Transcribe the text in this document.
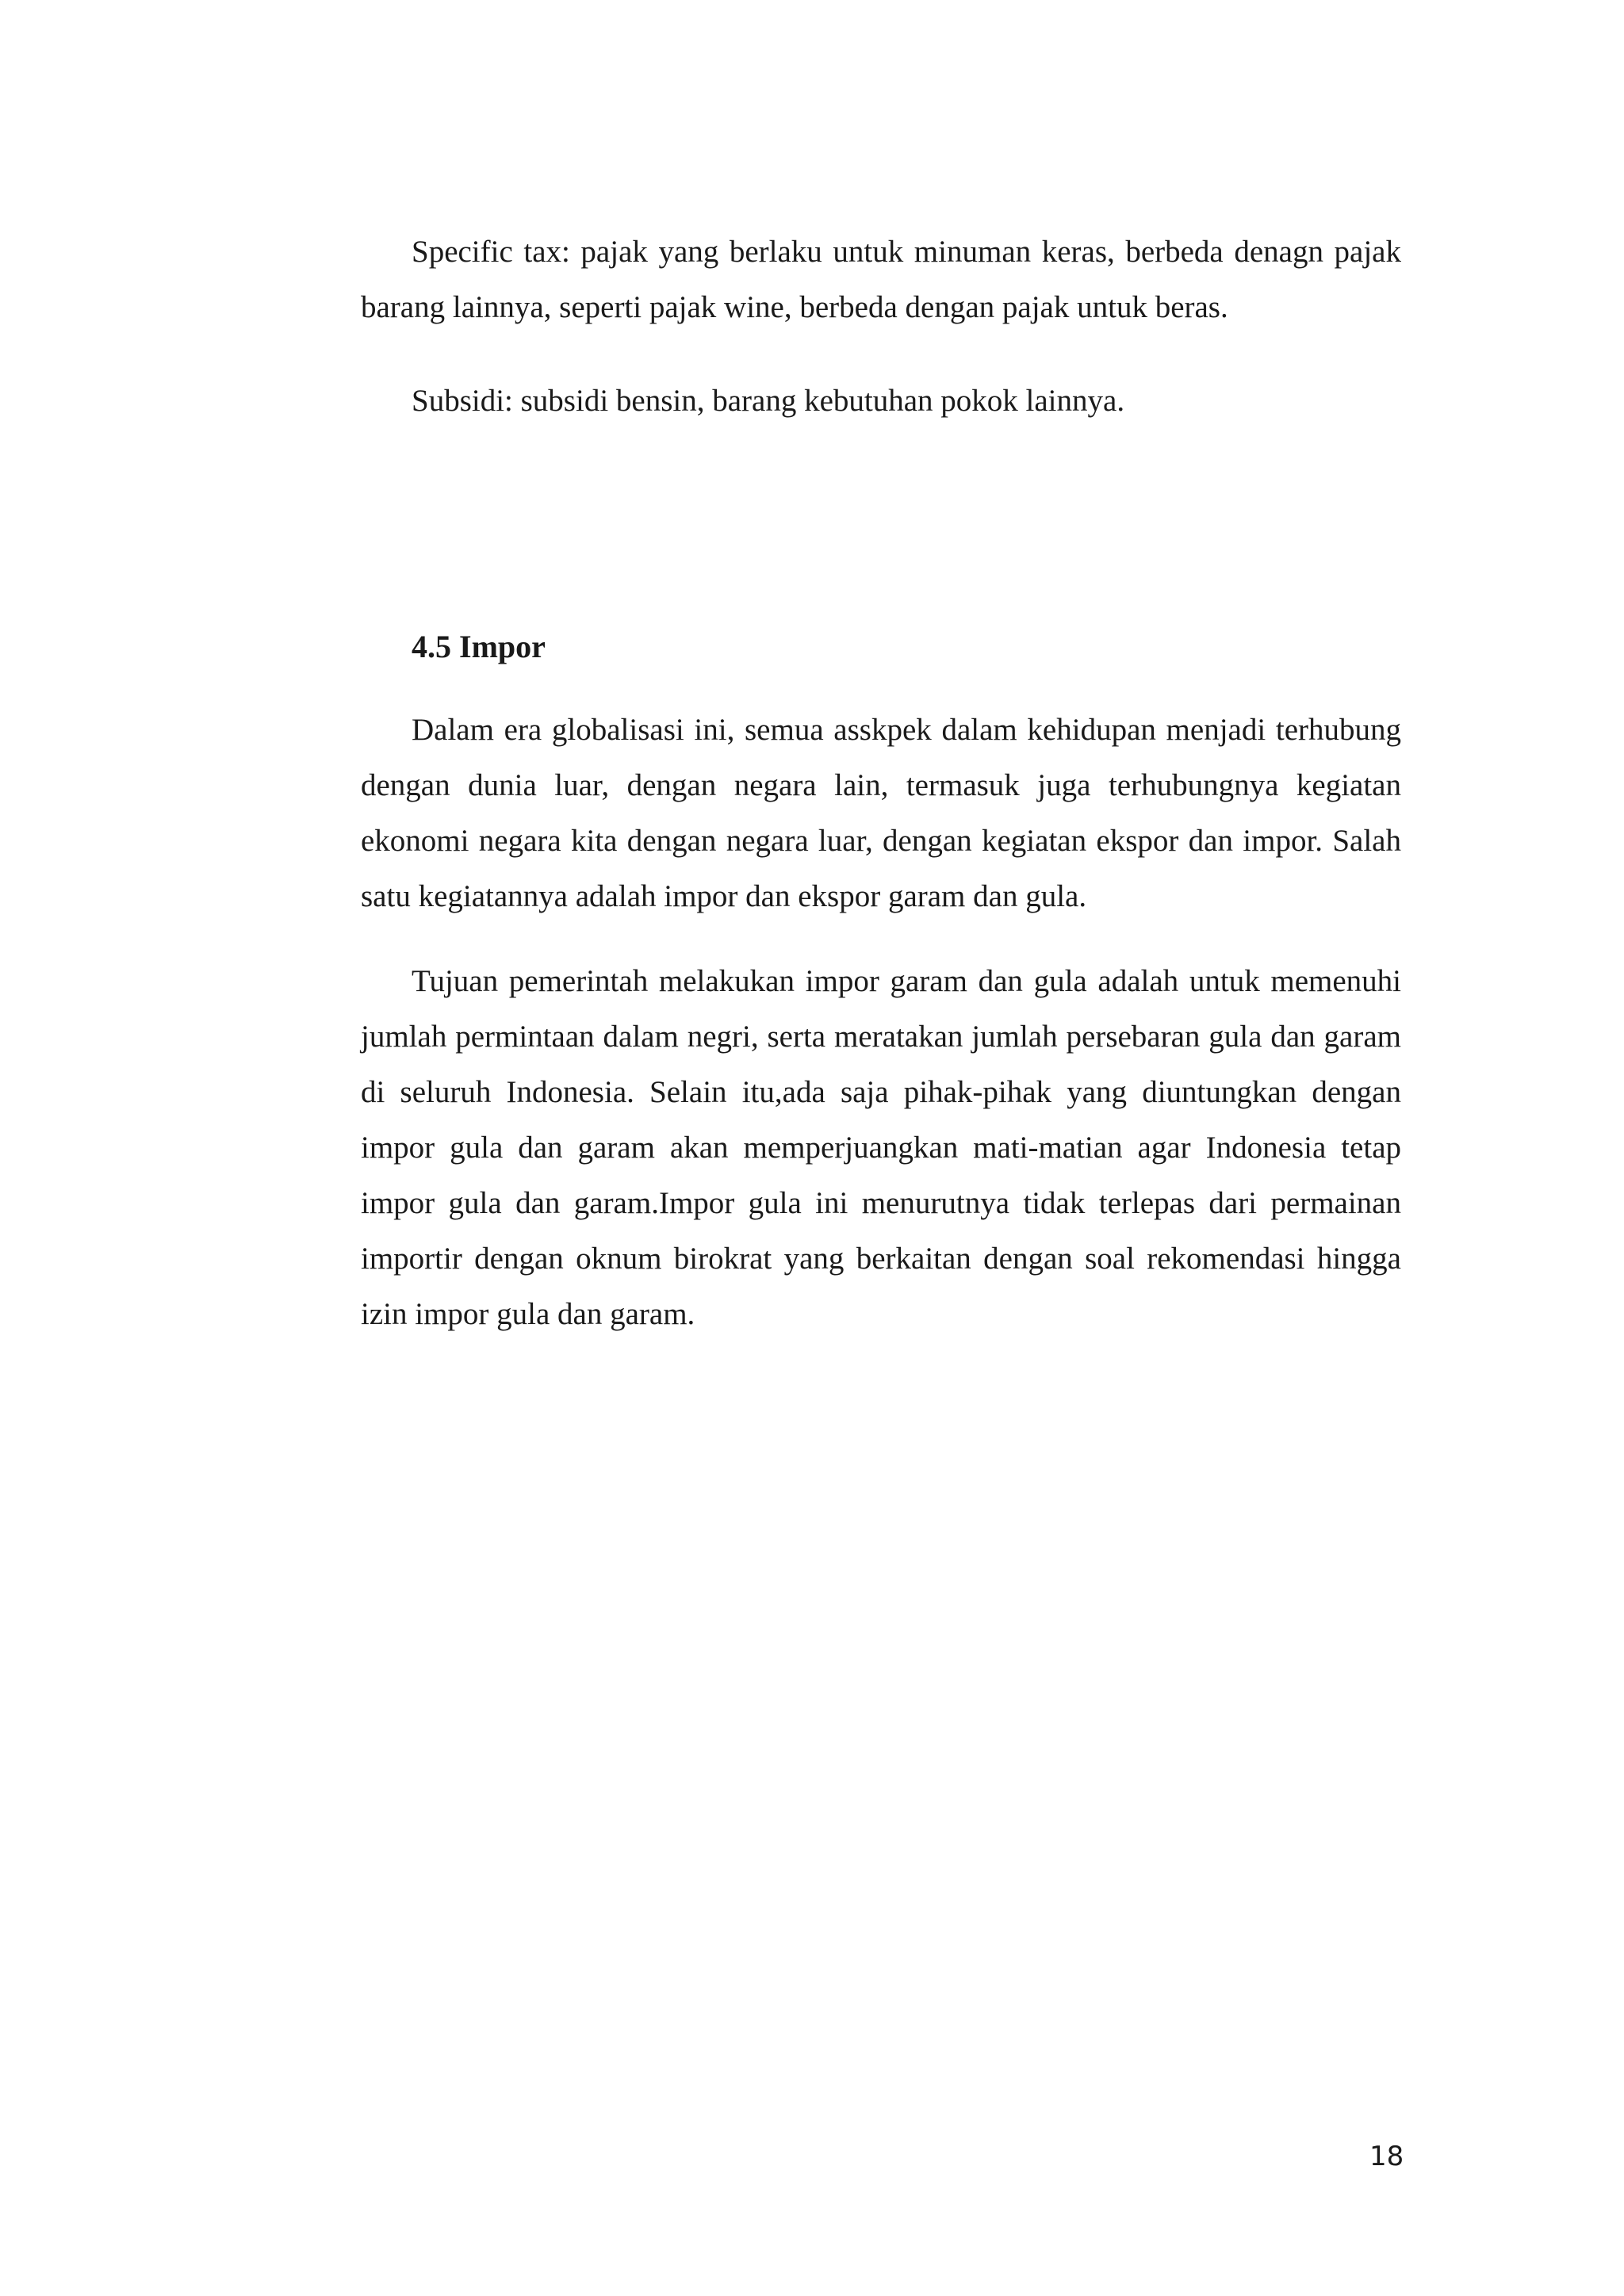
Specific tax: pajak yang berlaku untuk minuman keras, berbeda denagn pajak barang lainnya, seperti pajak wine, berbeda dengan pajak untuk beras.

Subsidi: subsidi bensin, barang kebutuhan pokok lainnya.

4.5 Impor

Dalam era globalisasi ini, semua asskpek dalam kehidupan menjadi terhubung dengan dunia luar, dengan negara lain, termasuk juga terhubungnya kegiatan ekonomi negara kita dengan negara luar, dengan kegiatan ekspor dan impor. Salah satu kegiatannya adalah impor dan ekspor garam dan gula.

Tujuan pemerintah melakukan impor garam dan gula adalah untuk memenuhi jumlah permintaan dalam negri, serta meratakan jumlah persebaran gula dan garam di seluruh Indonesia. Selain itu,ada saja pihak-pihak yang diuntungkan dengan impor gula dan garam akan memperjuangkan mati-matian agar Indonesia tetap impor gula dan garam.Impor gula ini menurutnya tidak terlepas dari permainan importir dengan oknum birokrat yang berkaitan dengan soal rekomendasi hingga izin impor gula dan garam.

18
